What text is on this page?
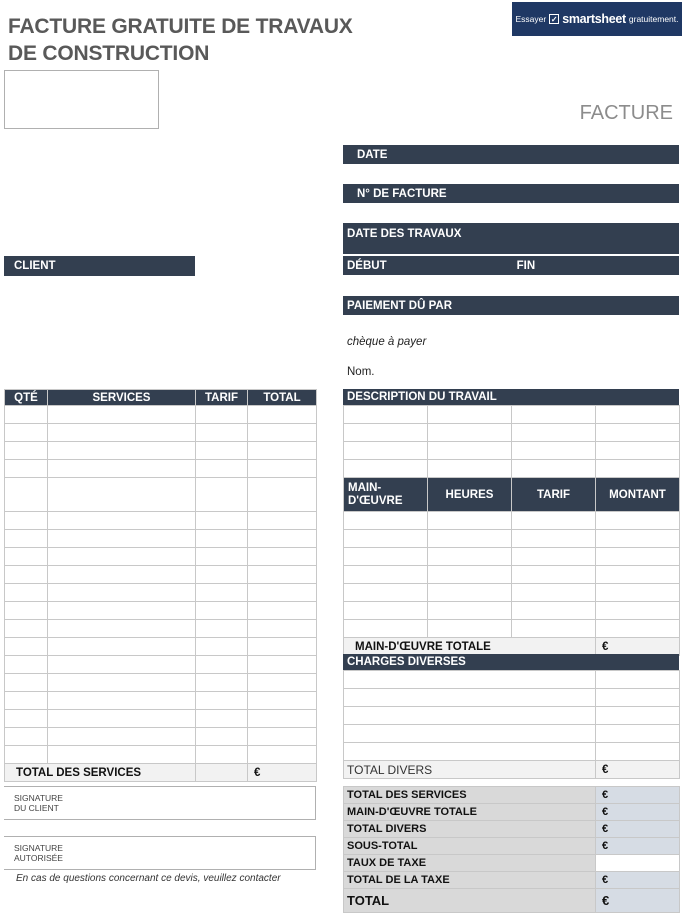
FACTURE GRATUITE DE TRAVAUX DE CONSTRUCTION
Essayer ✓ smartsheet gratuitement.
FACTURE
DATE
N° DE FACTURE
DATE DES TRAVAUX
DÉBUT	FIN
PAIEMENT DÛ PAR
chèque à payer
Nom.
CLIENT
QTÉ	SERVICES	TARIF	TOTAL

TOTAL DES SERVICES			€
DESCRIPTION DU TRAVAIL

MAIN-D'ŒUVRE	HEURES	TARIF	MONTANT

MAIN-D'ŒUVRE TOTALE			€
CHARGES DIVERSES

TOTAL DIVERS	€
SIGNATURE
DU CLIENT
SIGNATURE
AUTORISÉE
En cas de questions concernant ce devis, veuillez contacter
TOTAL DES SERVICES	€
MAIN-D'ŒUVRE TOTALE	€
TOTAL DIVERS	€
SOUS-TOTAL	€
TAUX DE TAXE	
TOTAL DE LA TAXE	€
TOTAL	€
